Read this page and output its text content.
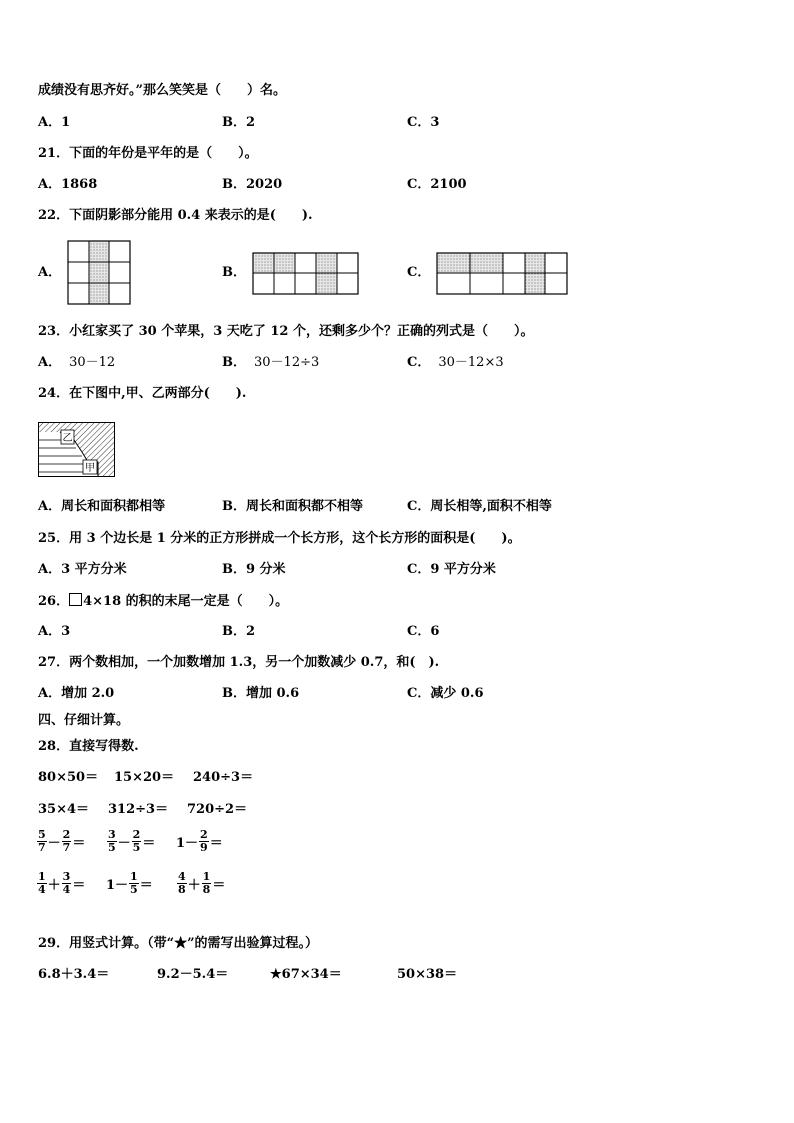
成绩没有思齐好。”那么笑笑是（　　）名。
A．1	B．2	C．3
21．下面的年份是平年的是（　　）。
A．1868	B．2020	C．2100
22．下面阴影部分能用 0.4 来表示的是(　　).
A．	B．	C．
23．小红家买了 30 个苹果，3 天吃了 12 个，还剩多少个？正确的列式是（　　）。
A． 30－12	B． 30－12÷3	C． 30－12×3
24．在下图中,甲、乙两部分(　　).
乙
甲
A．周长和面积都相等	B．周长和面积都不相等	C．周长相等,面积不相等
25．用 3 个边长是 1 分米的正方形拼成一个长方形，这个长方形的面积是(　　)。
A．3 平方分米	B．9 分米	C．9 平方分米
26． 4×18 的积的末尾一定是（　　）。
A．3	B．2	C．6
27．两个数相加，一个加数增加 1.3，另一个加数减少 0.7，和(　).
A．增加 2.0	B．增加 0.6	C．减少 0.6
四、仔细计算。
28．直接写得数.
80×50＝ 15×20＝ 240÷3＝
35×4＝ 312÷3＝ 720÷2＝
$\frac{5}{7} - \frac{2}{7} = \frac{3}{5} - \frac{2}{5} = 1- \frac{2}{9}$ ＝
$\frac{1}{4} + \frac{3}{4} = 1- \frac{1}{5} = \frac{4}{8} + \frac{1}{8}$ ＝
29．用竖式计算。（带“★”的需写出验算过程。）
6.8＋3.4＝	9.2－5.4＝	★67×34＝	50×38＝
